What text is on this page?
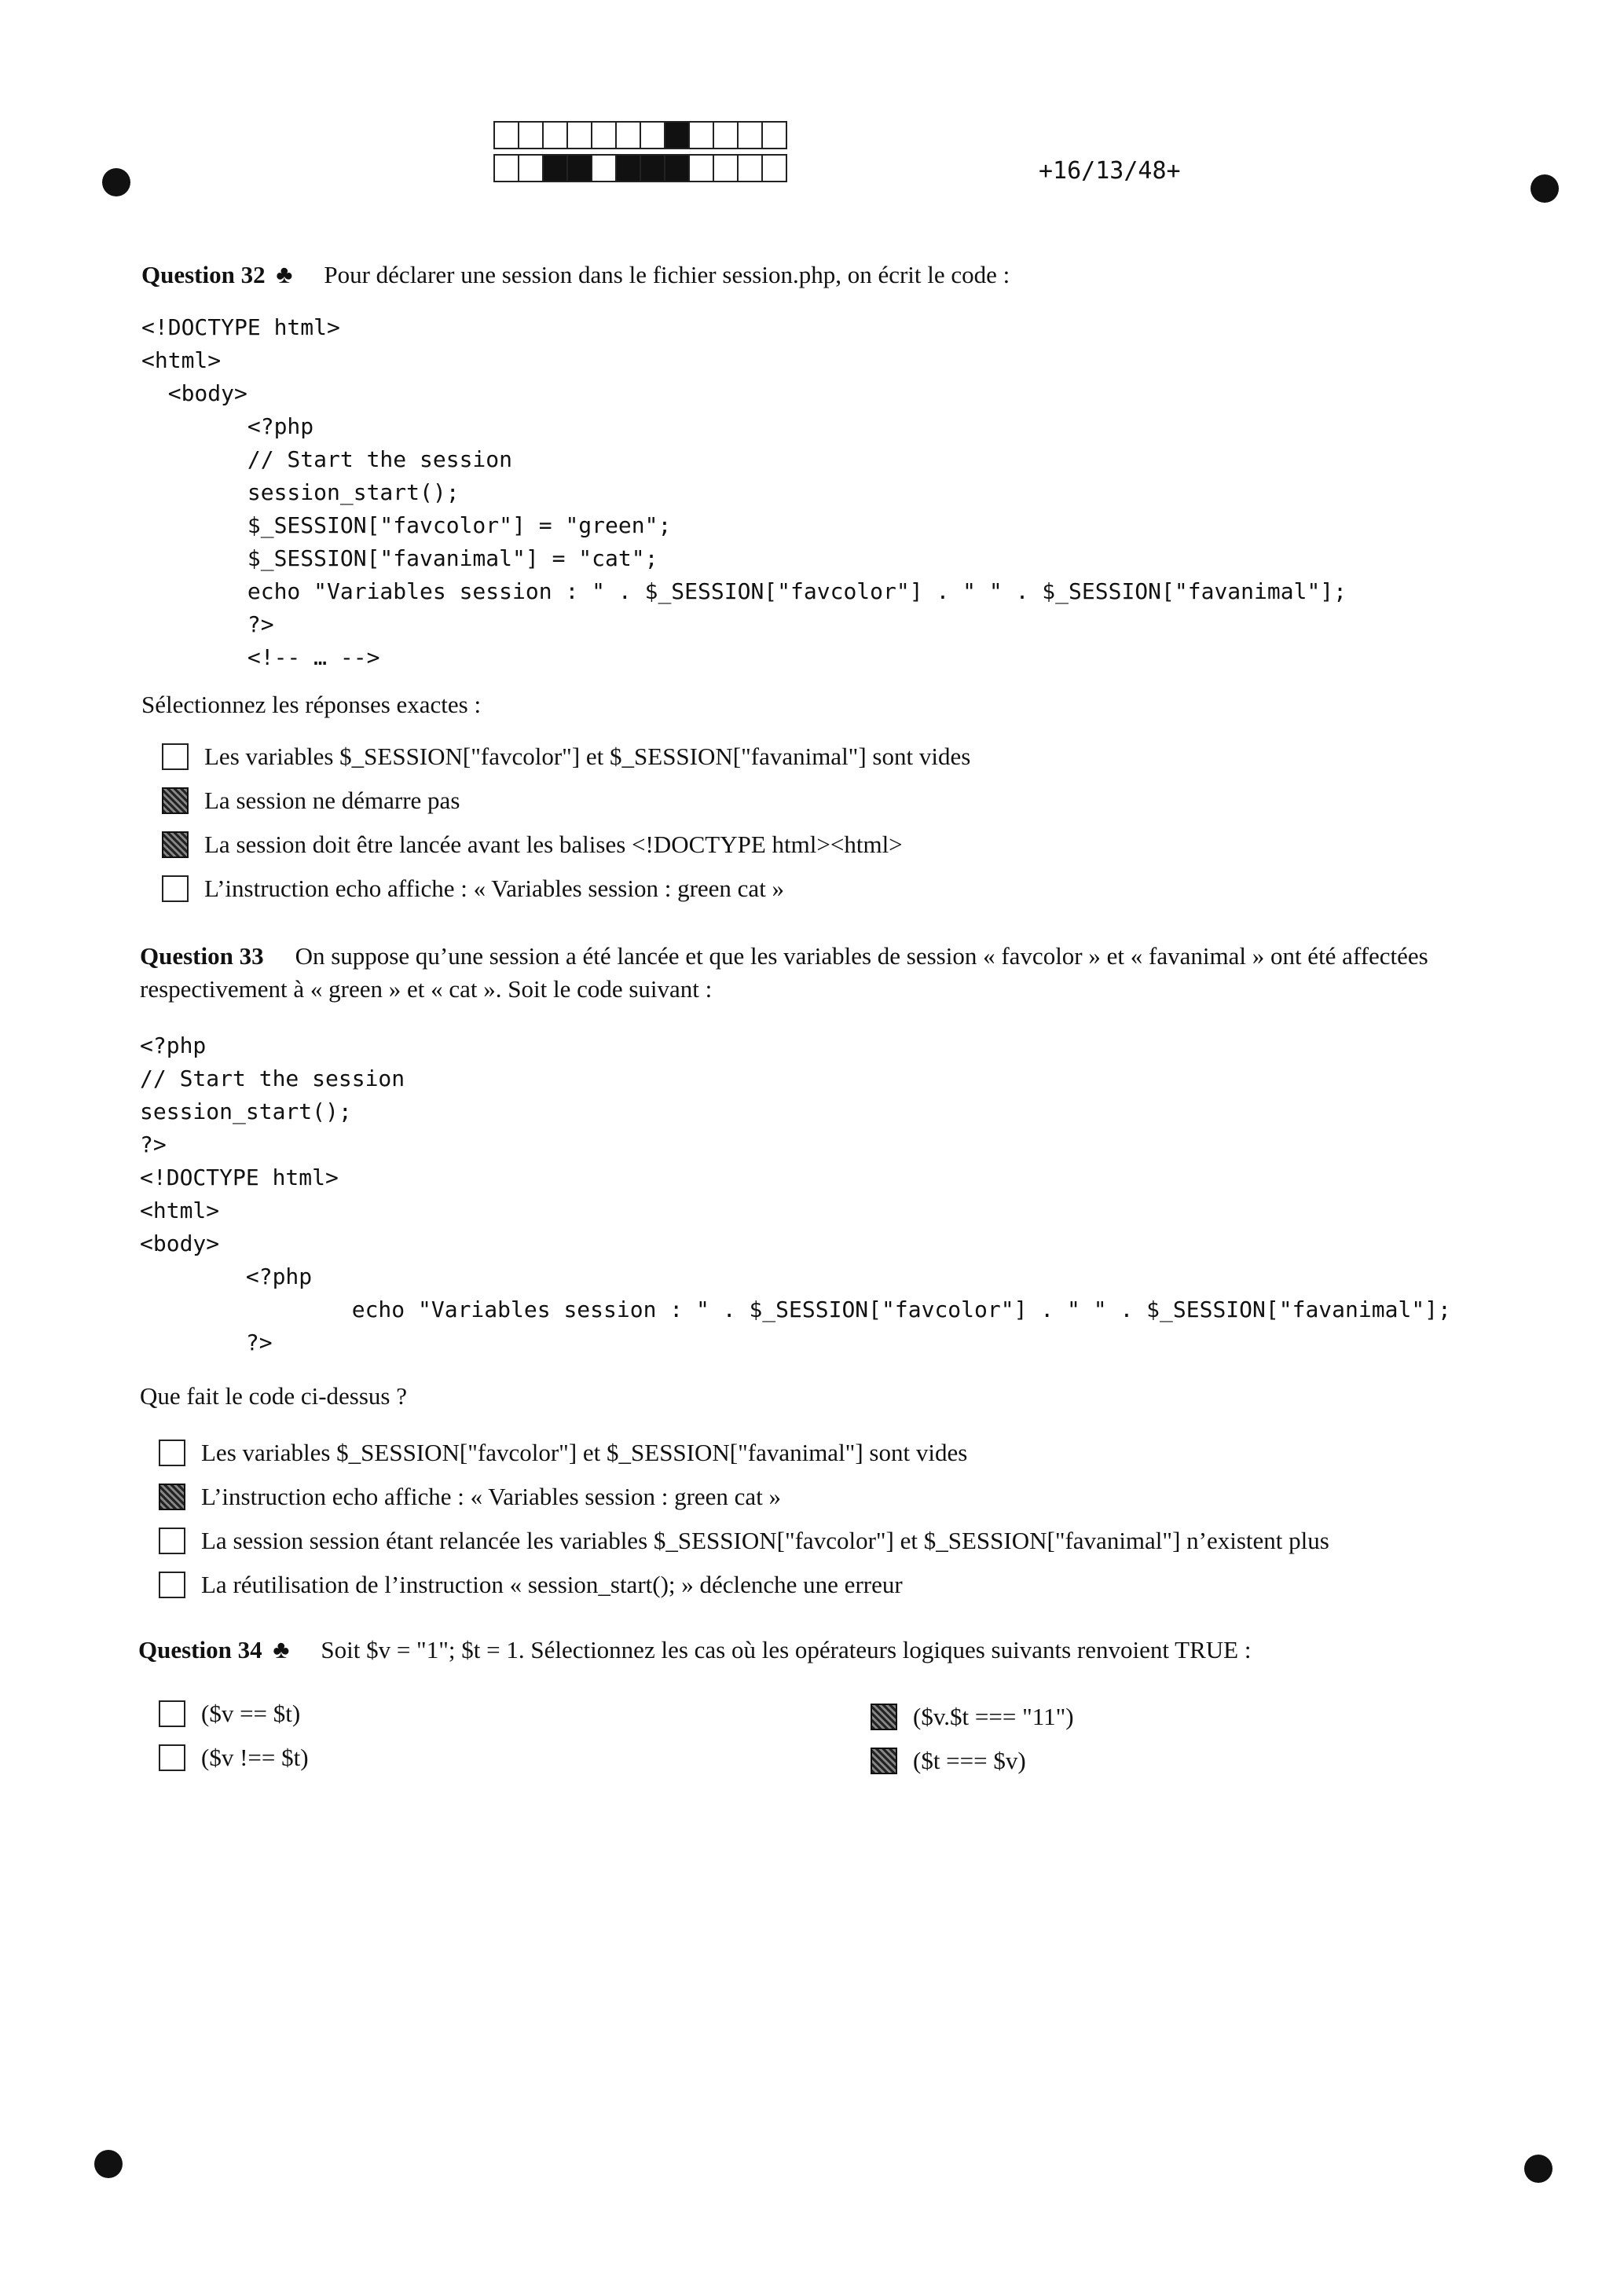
+16/13/48+
Question 32 ♣ Pour déclarer une session dans le fichier session.php, on écrit le code :
<!DOCTYPE html>
<html>
<body>
<?php
// Start the session
session_start();
$_SESSION["favcolor"] = "green";
$_SESSION["favanimal"] = "cat";
echo "Variables session : " . $_SESSION["favcolor"] . " " . $_SESSION["favanimal"];
?>
<!-- … -->
Sélectionnez les réponses exactes :
Les variables $_SESSION["favcolor"] et $_SESSION["favanimal"] sont vides
La session ne démarre pas
La session doit être lancée avant les balises <!DOCTYPE html><html>
L’instruction echo affiche : « Variables session : green cat »
Question 33 On suppose qu’une session a été lancée et que les variables de session « favcolor » et « favanimal » ont été affectées respectivement à « green » et « cat ». Soit le code suivant :
<?php
// Start the session
session_start();
?>
<!DOCTYPE html>
<html>
<body>
<?php
echo "Variables session : " . $_SESSION["favcolor"] . " " . $_SESSION["favanimal"];
?>
Que fait le code ci-dessus ?
Les variables $_SESSION["favcolor"] et $_SESSION["favanimal"] sont vides
L’instruction echo affiche : « Variables session : green cat »
La session session étant relancée les variables $_SESSION["favcolor"] et $_SESSION["favanimal"] n’existent plus
La réutilisation de l’instruction « session_start(); » déclenche une erreur
Question 34 ♣ Soit $v = "1"; $t = 1. Sélectionnez les cas où les opérateurs logiques suivants renvoient TRUE :
($v == $t)
($v !== $t)
($v.$t === "11")
($t === $v)
